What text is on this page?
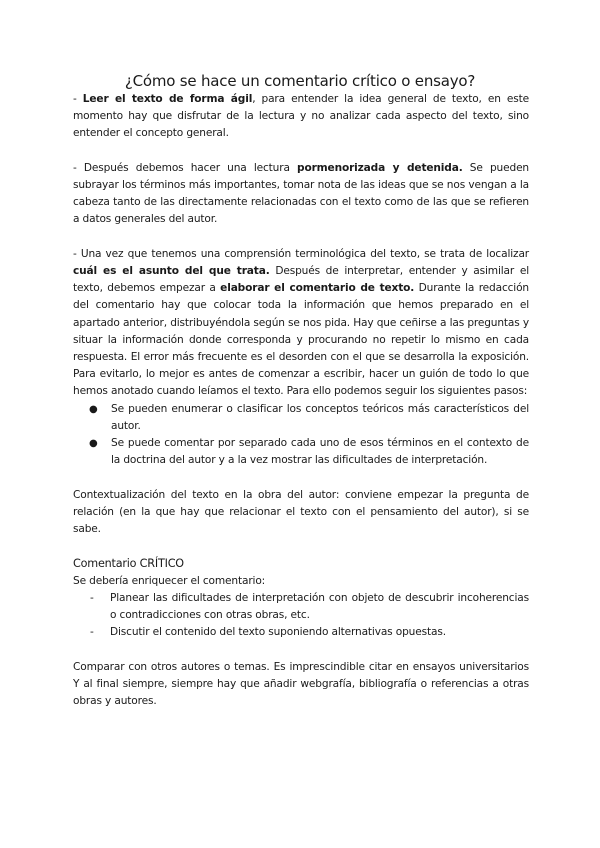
¿Cómo se hace un comentario crítico o ensayo?

- Leer el texto de forma ágil, para entender la idea general de texto, en este momento hay que disfrutar de la lectura y no analizar cada aspecto del texto, sino entender el concepto general.

- Después debemos hacer una lectura pormenorizada y detenida. Se pueden subrayar los términos más importantes, tomar nota de las ideas que se nos vengan a la cabeza tanto de las directamente relacionadas con el texto como de las que se refieren a datos generales del autor.

- Una vez que tenemos una comprensión terminológica del texto, se trata de localizar cuál es el asunto del que trata. Después de interpretar, entender y asimilar el texto, debemos empezar a elaborar el comentario de texto. Durante la redacción del comentario hay que colocar toda la información que hemos preparado en el apartado anterior, distribuyéndola según se nos pida. Hay que ceñirse a las preguntas y situar la información donde corresponda y procurando no repetir lo mismo en cada respuesta. El error más frecuente es el desorden con el que se desarrolla la exposición. Para evitarlo, lo mejor es antes de comenzar a escribir, hacer un guión de todo lo que hemos anotado cuando leíamos el texto. Para ello podemos seguir los siguientes pasos:

● Se pueden enumerar o clasificar los conceptos teóricos más característicos del autor.
● Se puede comentar por separado cada uno de esos términos en el contexto de la doctrina del autor y a la vez mostrar las dificultades de interpretación.

Contextualización del texto en la obra del autor: conviene empezar la pregunta de relación (en la que hay que relacionar el texto con el pensamiento del autor), si se sabe.

Comentario CRÍTICO

Se debería enriquecer el comentario:

- Planear las dificultades de interpretación con objeto de descubrir incoherencias o contradicciones con otras obras, etc.
- Discutir el contenido del texto suponiendo alternativas opuestas.

Comparar con otros autores o temas. Es imprescindible citar en ensayos universitarios Y al final siempre, siempre hay que añadir webgrafía, bibliografía o referencias a otras obras y autores.
